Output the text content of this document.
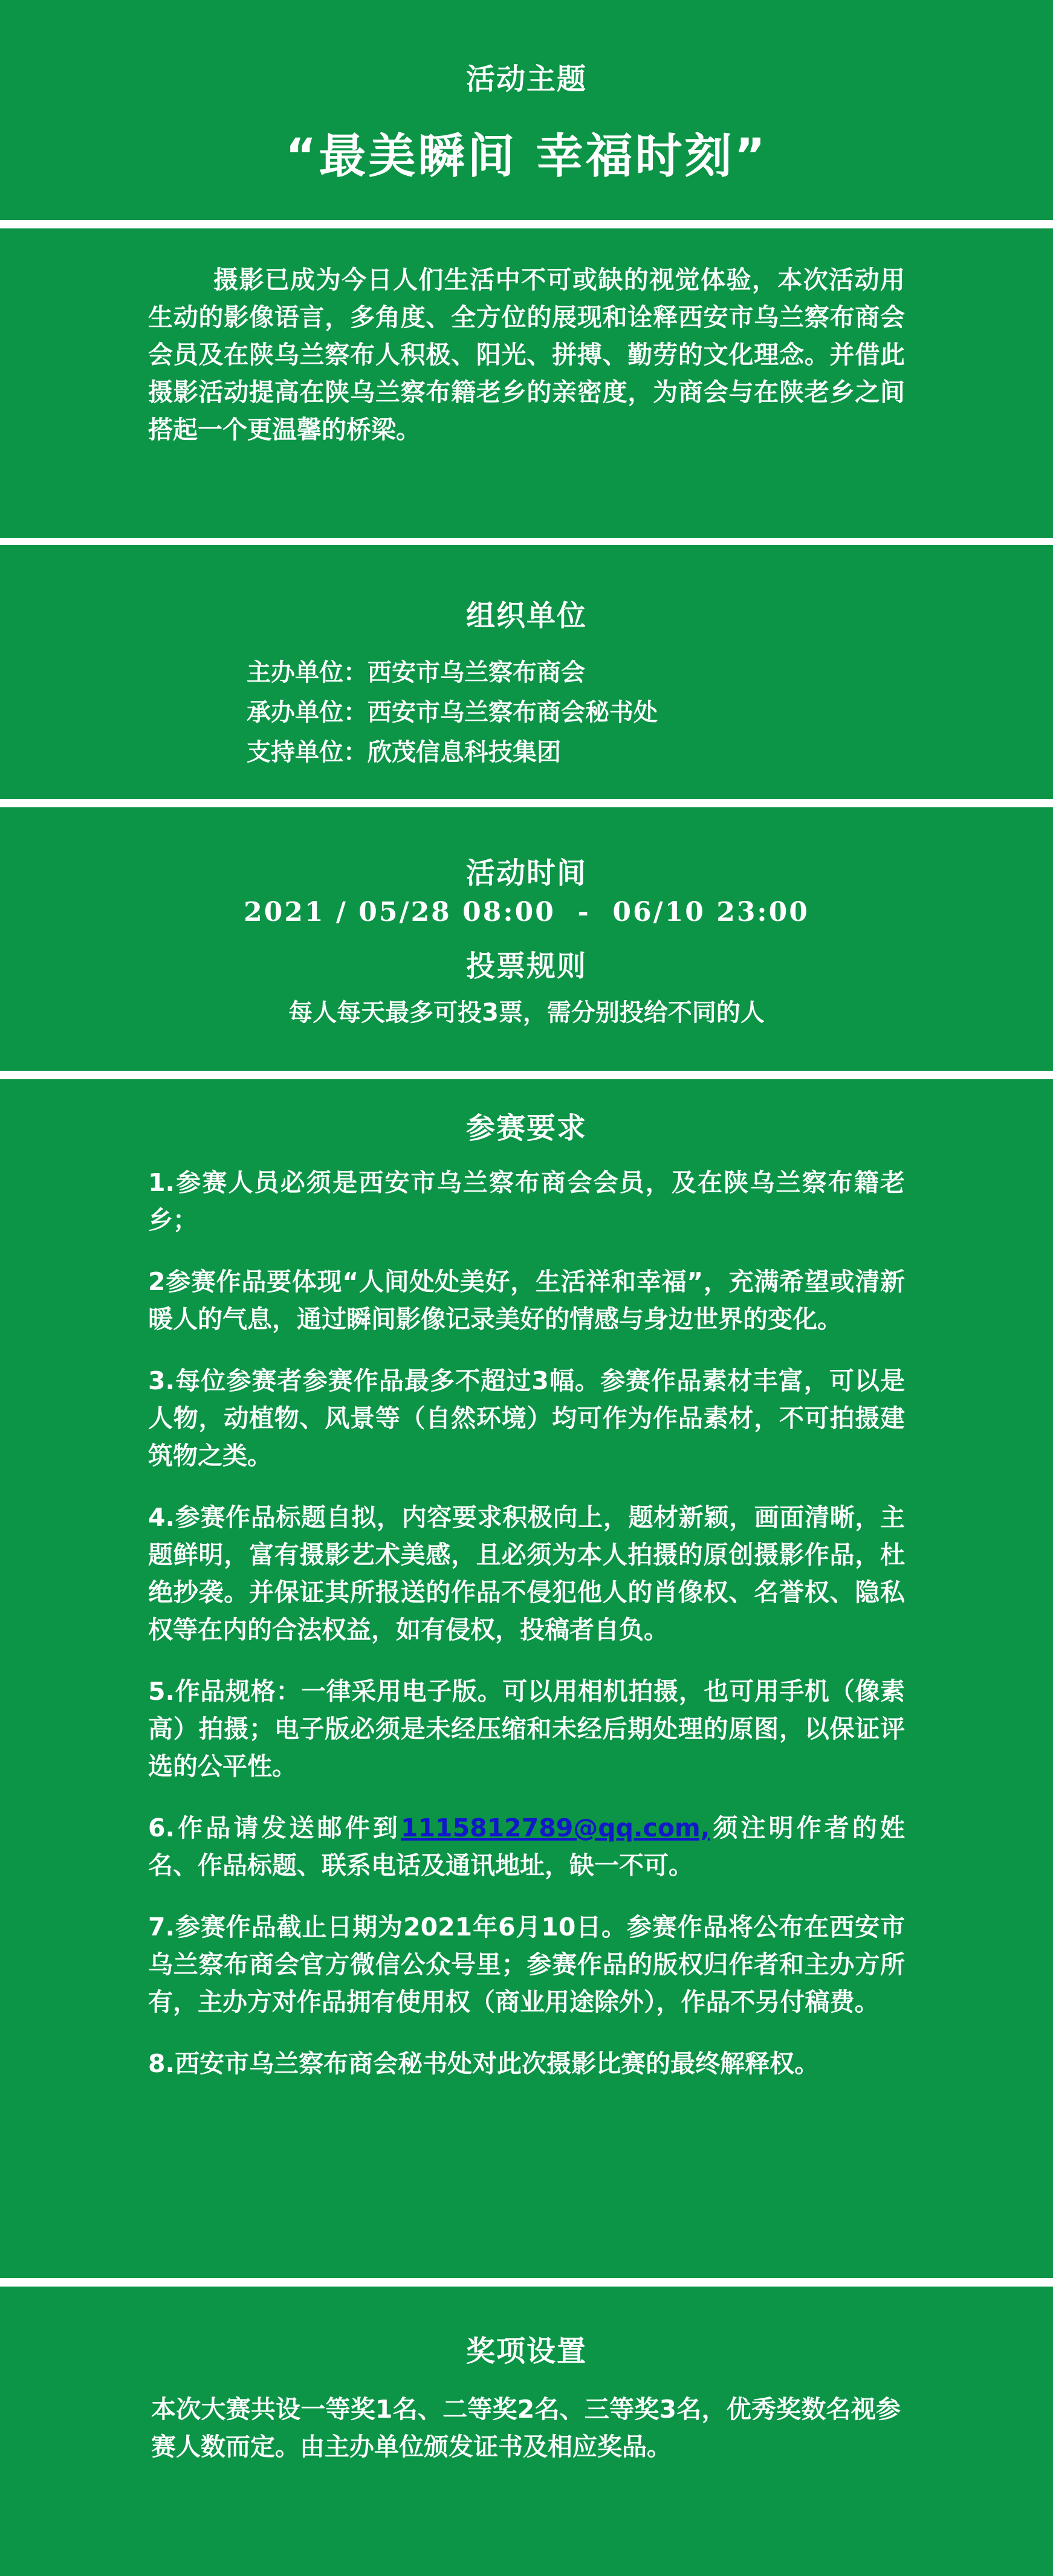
活动主题
“最美瞬间 幸福时刻”
摄影已成为今日人们生活中不可或缺的视觉体验，本次活动用生动的影像语言，多角度、全方位的展现和诠释西安市乌兰察布商会会员及在陕乌兰察布人积极、阳光、拼搏、勤劳的文化理念。并借此摄影活动提高在陕乌兰察布籍老乡的亲密度，为商会与在陕老乡之间搭起一个更温馨的桥梁。
组织单位
主办单位：西安市乌兰察布商会
承办单位：西安市乌兰察布商会秘书处
支持单位：欣茂信息科技集团
活动时间
2021 / 05/28 08:00  -  06/10 23:00
投票规则
每人每天最多可投3票，需分别投给不同的人
参赛要求
1.参赛人员必须是西安市乌兰察布商会会员，及在陕乌兰察布籍老乡；
2参赛作品要体现“人间处处美好，生活祥和幸福”，充满希望或清新暖人的气息，通过瞬间影像记录美好的情感与身边世界的变化。
3.每位参赛者参赛作品最多不超过3幅。参赛作品素材丰富，可以是人物，动植物、风景等（自然环境）均可作为作品素材，不可拍摄建筑物之类。
4.参赛作品标题自拟，内容要求积极向上，题材新颖，画面清晰，主题鲜明，富有摄影艺术美感，且必须为本人拍摄的原创摄影作品，杜绝抄袭。并保证其所报送的作品不侵犯他人的肖像权、名誉权、隐私权等在内的合法权益，如有侵权，投稿者自负。
5.作品规格：一律采用电子版。可以用相机拍摄，也可用手机（像素高）拍摄；电子版必须是未经压缩和未经后期处理的原图，以保证评选的公平性。
6.作品请发送邮件到1115812789@qq.com,须注明作者的姓名、作品标题、联系电话及通讯地址，缺一不可。
7.参赛作品截止日期为2021年6月10日。参赛作品将公布在西安市乌兰察布商会官方微信公众号里；参赛作品的版权归作者和主办方所有，主办方对作品拥有使用权（商业用途除外），作品不另付稿费。
8.西安市乌兰察布商会秘书处对此次摄影比赛的最终解释权。
奖项设置
本次大赛共设一等奖1名、二等奖2名、三等奖3名，优秀奖数名视参赛人数而定。由主办单位颁发证书及相应奖品。
